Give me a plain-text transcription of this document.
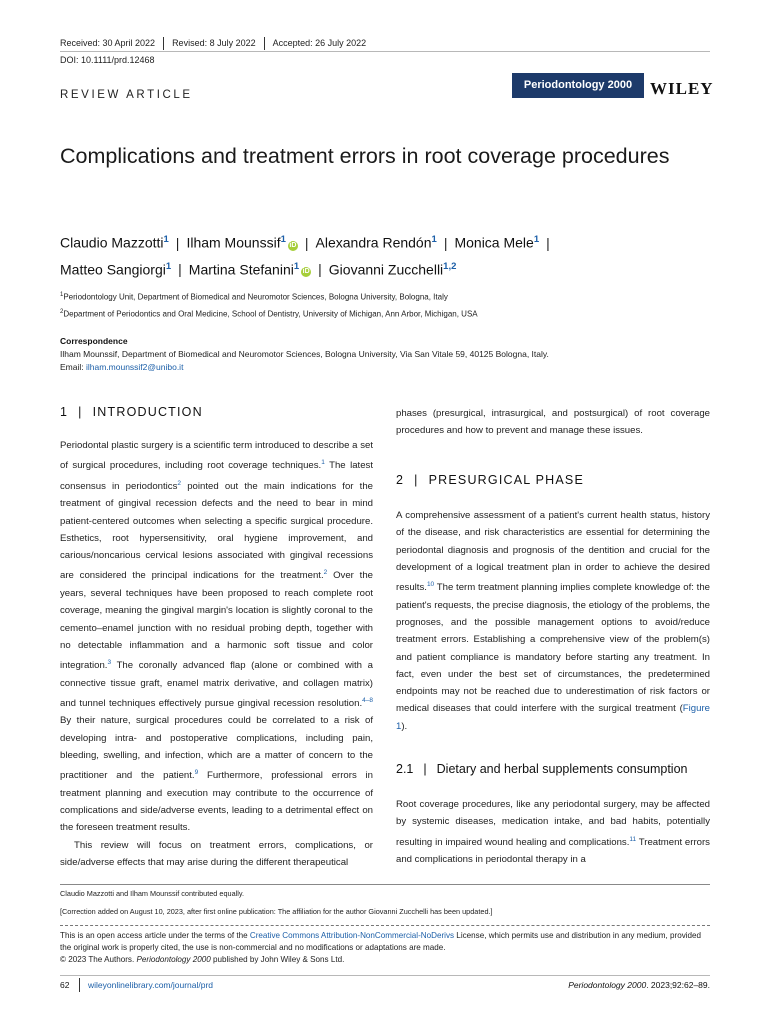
Received: 30 April 2022 Revised: 8 July 2022 Accepted: 26 July 2022
DOI: 10.1111/prd.12468
Periodontology 2000	WILEY
REVIEW ARTICLE
Complications and treatment errors in root coverage procedures
Claudio Mazzotti$^1$ | Ilham Mounssif$^1$iD | Alexandra Rendón$^1$ | Monica Mele$^1$ |
Matteo Sangiorgi$^1$ | Martina Stefanini$^1$iD | Giovanni Zucchelli$^{1,2}$
$^1$Periodontology Unit, Department of Biomedical and Neuromotor Sciences, Bologna University, Bologna, Italy
$^2$Department of Periodontics and Oral Medicine, School of Dentistry, University of Michigan, Ann Arbor, Michigan, USA
Correspondence
Ilham Mounssif, Department of Biomedical and Neuromotor Sciences, Bologna University, Via San Vitale 59, 40125 Bologna, Italy.
Email: ilham.mounssif2@unibo.it
1 | INTRODUCTION

Periodontal plastic surgery is a scientific term introduced to describe a set of surgical procedures, including root coverage techniques.$^1$ The latest consensus in periodontics$^2$ pointed out the main indications for the treatment of gingival recession defects and the need to bear in mind patient-centered outcomes when selecting a specific surgical procedure. Esthetics, root hypersensitivity, oral hygiene improvement, and carious/noncarious cervical lesions associated with gingival recessions are considered the principal indications for the treatment.$^2$ Over the years, several techniques have been proposed to reach complete root coverage, meaning the gingival margin's location is slightly coronal to the cemento–enamel junction with no residual probing depth, together with no detectable inflammation and a harmonic soft tissue and color integration.$^3$ The coronally advanced flap (alone or combined with a connective tissue graft, enamel matrix derivative, and collagen matrix) and tunnel techniques effectively pursue gingival recession resolution.$^{4-8}$ By their nature, surgical procedures could be correlated to a risk of developing intra- and postoperative complications, including pain, bleeding, swelling, and infection, which are a matter of concern to the practitioner and the patient.$^9$ Furthermore, professional errors in treatment planning and execution may contribute to the occurrence of complications and side/adverse events, leading to a detrimental effect on the foreseen treatment results.

This review will focus on treatment errors, complications, or side/adverse effects that may arise during the different therapeutical

phases (presurgical, intrasurgical, and postsurgical) of root coverage procedures and how to prevent and manage these issues.

2 | PRESURGICAL PHASE

A comprehensive assessment of a patient's current health status, history of the disease, and risk characteristics are essential for determining the periodontal diagnosis and prognosis of the dentition and crucial for the development of a logical treatment plan in order to achieve the desired results.$^{10}$ The term treatment planning implies complete knowledge of: the patient's requests, the precise diagnosis, the etiology of the problems, the prognoses, and the possible management options to avoid/reduce treatment errors. Establishing a comprehensive view of the problem(s) and patient compliance is mandatory before starting any treatment. In fact, even under the best set of circumstances, the predetermined endpoints may not be reached due to underestimation of risk factors or medical diseases that could interfere with the surgical treatment (Figure 1).

2.1 | Dietary and herbal supplements consumption

Root coverage procedures, like any periodontal surgery, may be affected by systemic diseases, medication intake, and bad habits, potentially resulting in impaired wound healing and complications.$^{11}$ Treatment errors and complications in periodontal therapy in a

Claudio Mazzotti and Ilham Mounssif contributed equally.
[Correction added on August 10, 2023, after first online publication: The affiliation for the author Giovanni Zucchelli has been updated.]
This is an open access article under the terms of the Creative Commons Attribution-NonCommercial-NoDerivs License, which permits use and distribution in any medium, provided the original work is properly cited, the use is non-commercial and no modifications or adaptations are made.
© 2023 The Authors. Periodontology 2000 published by John Wiley & Sons Ltd.
62 wileyonlinelibrary.com/journal/prd	Periodontology 2000. 2023;92:62–89.
